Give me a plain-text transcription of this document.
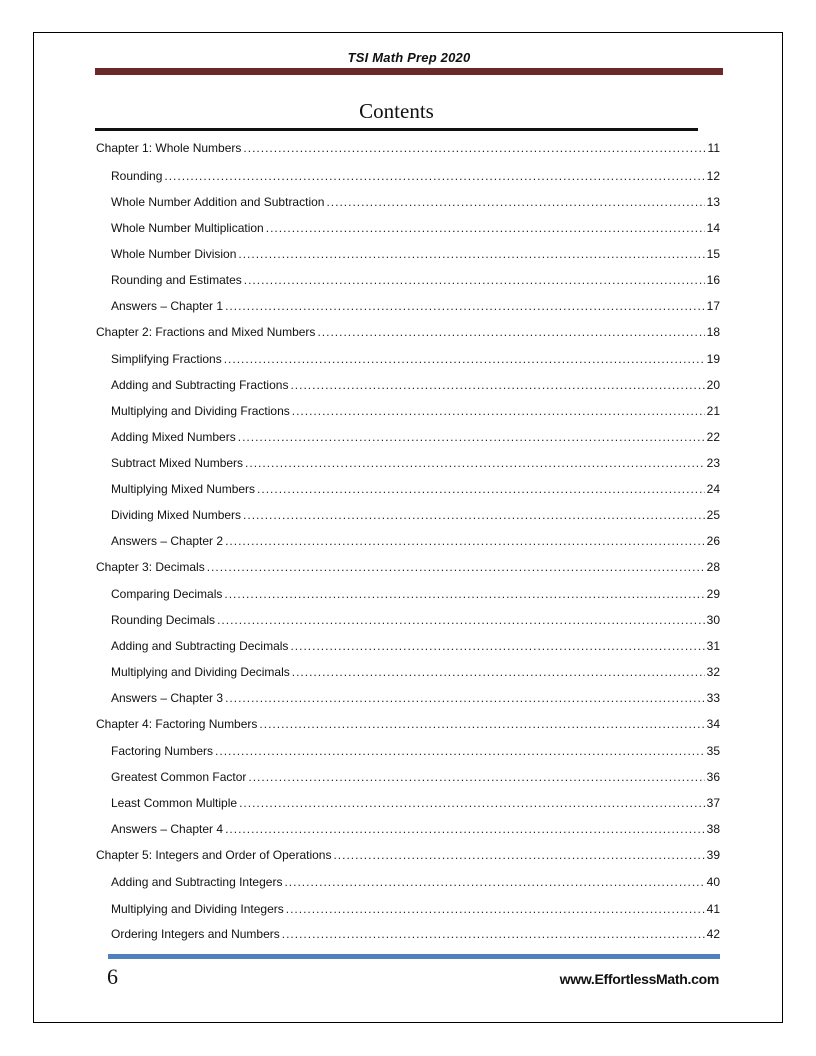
TSI Math Prep 2020
Contents
Chapter 1: Whole Numbers .....	11
Rounding .....	12
Whole Number Addition and Subtraction .....	13
Whole Number Multiplication .....	14
Whole Number Division .....	15
Rounding and Estimates .....	16
Answers – Chapter 1 .....	17
Chapter 2: Fractions and Mixed Numbers .....	18
Simplifying Fractions .....	19
Adding and Subtracting Fractions .....	20
Multiplying and Dividing Fractions .....	21
Adding Mixed Numbers .....	22
Subtract Mixed Numbers .....	23
Multiplying Mixed Numbers .....	24
Dividing Mixed Numbers .....	25
Answers – Chapter 2 .....	26
Chapter 3: Decimals .....	28
Comparing Decimals .....	29
Rounding Decimals .....	30
Adding and Subtracting Decimals .....	31
Multiplying and Dividing Decimals .....	32
Answers – Chapter 3 .....	33
Chapter 4: Factoring Numbers .....	34
Factoring Numbers .....	35
Greatest Common Factor .....	36
Least Common Multiple .....	37
Answers – Chapter 4 .....	38
Chapter 5: Integers and Order of Operations .....	39
Adding and Subtracting Integers .....	40
Multiplying and Dividing Integers .....	41
Ordering Integers and Numbers .....	42
6	www.EffortlessMath.com
